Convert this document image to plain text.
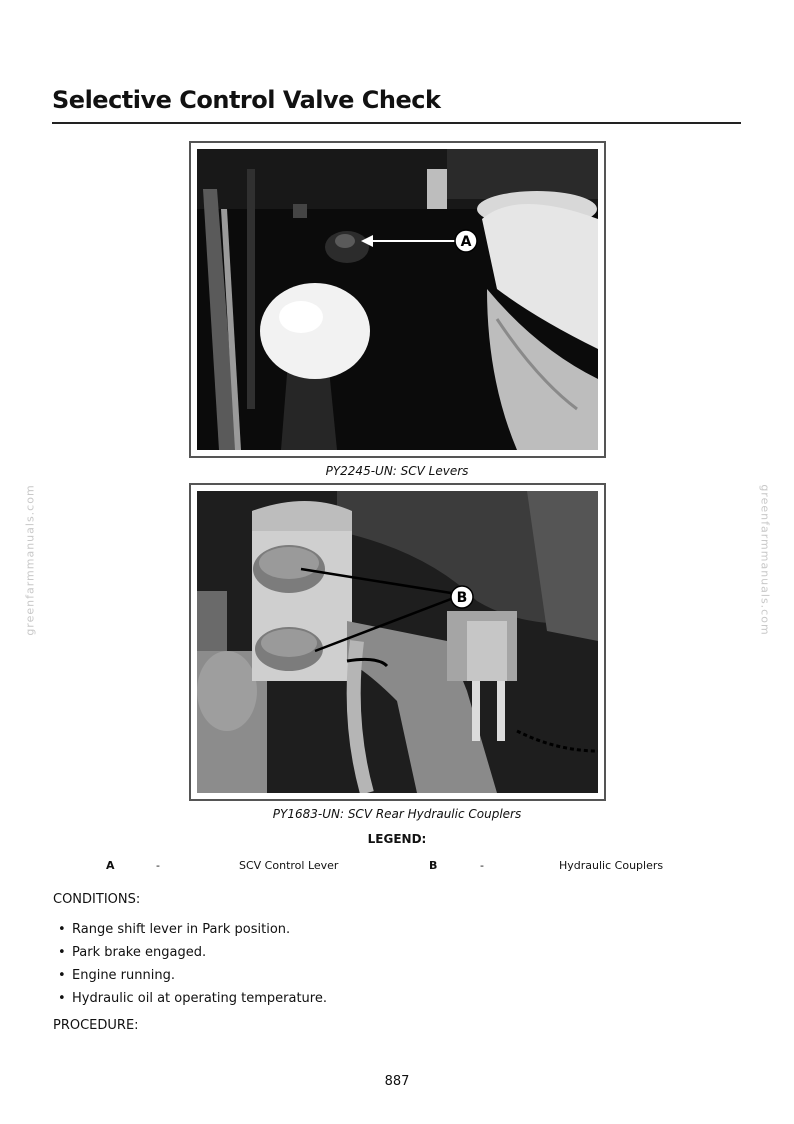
greenfarmmanuals.com	greenfarmmanuals.com
Selective Control Valve Check
A
PY2245-UN: SCV Levers
B
PY1683-UN: SCV Rear Hydraulic Couplers
LEGEND:
A	-	SCV Control Lever	B	-	Hydraulic Couplers
CONDITIONS:
• Range shift lever in Park position.
• Park brake engaged.
• Engine running.
• Hydraulic oil at operating temperature.
PROCEDURE:
887
